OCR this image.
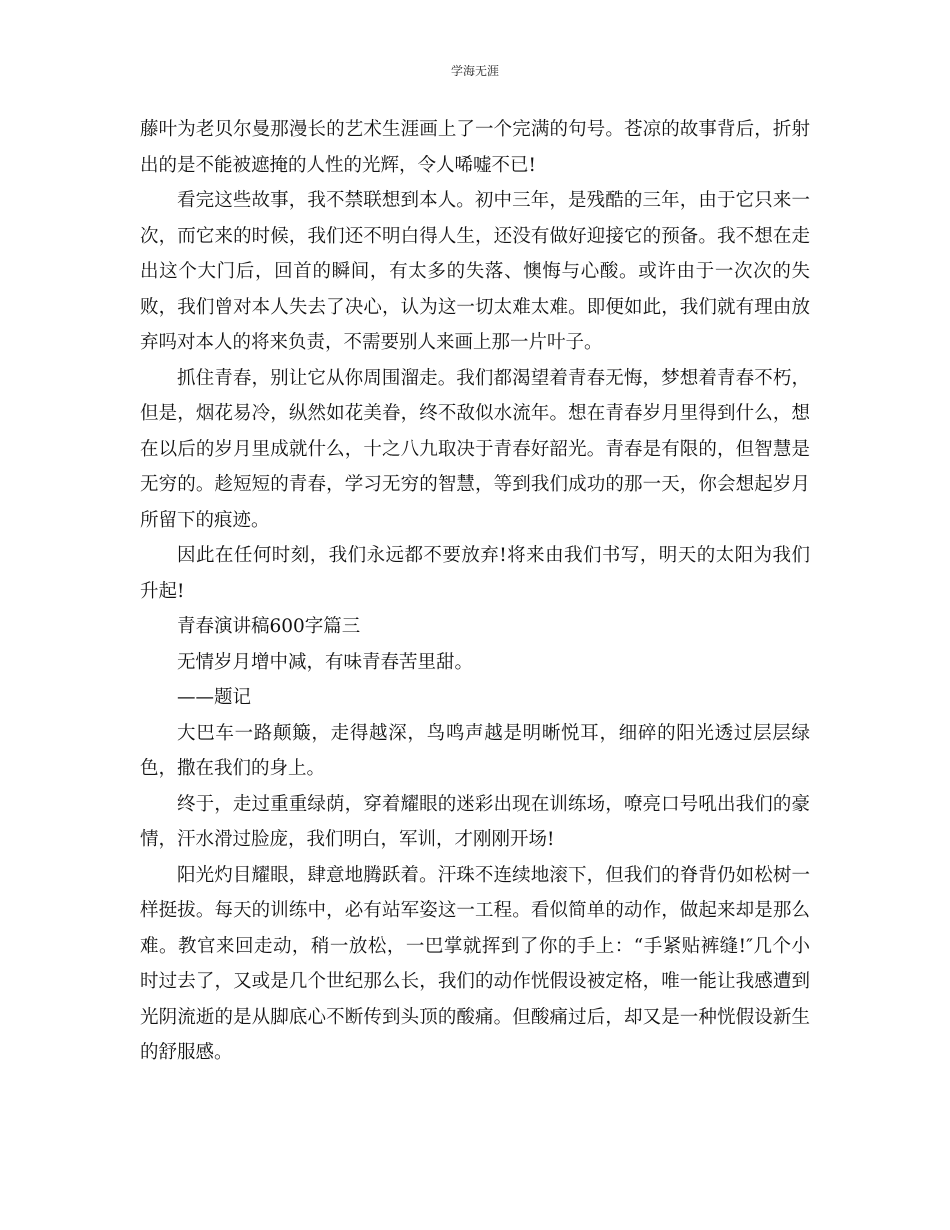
学海无涯

藤叶为老贝尔曼那漫长的艺术生涯画上了一个完满的句号。苍凉的故事背后，折射出的是不能被遮掩的人性的光辉，令人唏嘘不已!

看完这些故事，我不禁联想到本人。初中三年，是残酷的三年，由于它只来一次，而它来的时候，我们还不明白得人生，还没有做好迎接它的预备。我不想在走出这个大门后，回首的瞬间，有太多的失落、懊悔与心酸。或许由于一次次的失败，我们曾对本人失去了决心，认为这一切太难太难。即便如此，我们就有理由放弃吗对本人的将来负责，不需要别人来画上那一片叶子。

抓住青春，别让它从你周围溜走。我们都渴望着青春无悔，梦想着青春不朽，但是，烟花易冷，纵然如花美眷，终不敌似水流年。想在青春岁月里得到什么，想在以后的岁月里成就什么，十之八九取决于青春好韶光。青春是有限的，但智慧是无穷的。趁短短的青春，学习无穷的智慧，等到我们成功的那一天，你会想起岁月所留下的痕迹。

因此在任何时刻，我们永远都不要放弃!将来由我们书写，明天的太阳为我们升起!

青春演讲稿600字篇三

无情岁月增中减，有味青春苦里甜。

——题记

大巴车一路颠簸，走得越深，鸟鸣声越是明晰悦耳，细碎的阳光透过层层绿色，撒在我们的身上。

终于，走过重重绿荫，穿着耀眼的迷彩出现在训练场，嘹亮口号吼出我们的豪情，汗水滑过脸庞，我们明白，军训，才刚刚开场!

阳光灼目耀眼，肆意地腾跃着。汗珠不连续地滚下，但我们的脊背仍如松树一样挺拔。每天的训练中，必有站军姿这一工程。看似简单的动作，做起来却是那么难。教官来回走动，稍一放松，一巴掌就挥到了你的手上：“手紧贴裤缝!″几个小时过去了，又或是几个世纪那么长，我们的动作恍假设被定格，唯一能让我感遭到光阴流逝的是从脚底心不断传到头顶的酸痛。但酸痛过后，却又是一种恍假设新生的舒服感。
